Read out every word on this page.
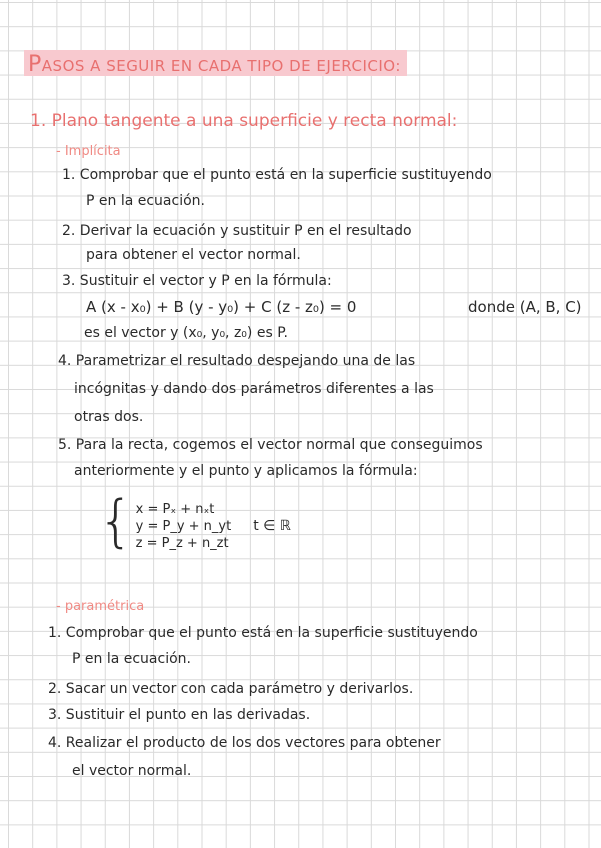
PASOS A SEGUIR EN CADA TIPO DE EJERCICIO:
1. Plano tangente a una superficie y recta normal:
- Implícita
1. Comprobar que el punto está en la superficie sustituyendo
P en la ecuación.
2. Derivar la ecuación y sustituir P en el resultado
para obtener el vector normal.
3. Sustituir el vector y P en la fórmula:
A (x - x₀) + B (y - y₀) + C (z - z₀) = 0	donde (A, B, C)
es el vector y (x₀, y₀, z₀) es P.
4. Parametrizar el resultado despejando una de las
incógnitas y dando dos parámetros diferentes a las
otras dos.
5. Para la recta, cogemos el vector normal que conseguimos
anteriormente y el punto y aplicamos la fórmula:
{ x = Pₓ + nₓt
y = P_y + n_yt
z = P_z + n_zt
t ∈ ℝ
- paramétrica
1. Comprobar que el punto está en la superficie sustituyendo
P en la ecuación.
2. Sacar un vector con cada parámetro y derivarlos.
3. Sustituir el punto en las derivadas.
4. Realizar el producto de los dos vectores para obtener
el vector normal.
